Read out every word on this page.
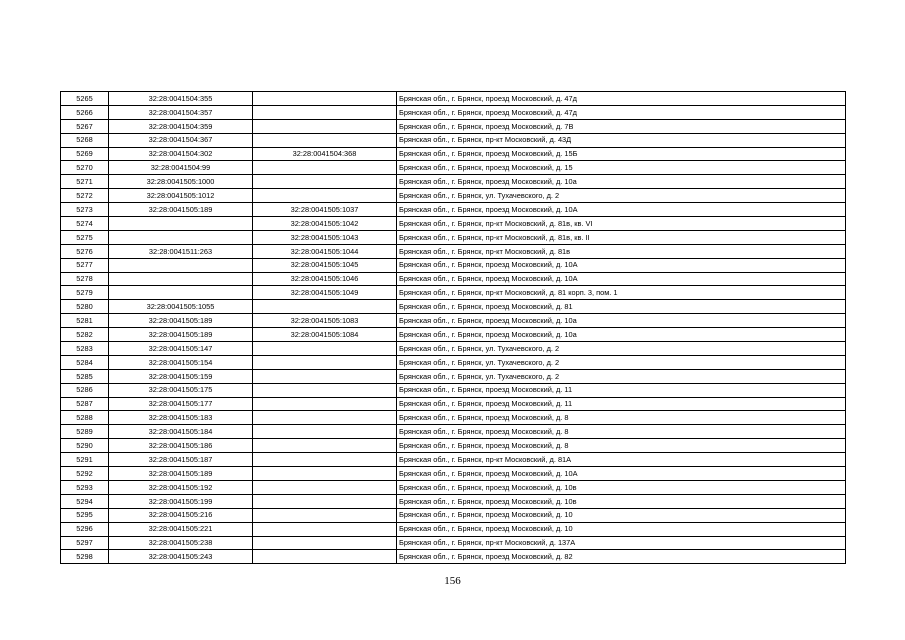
5265	32:28:0041504:355		Брянская обл., г. Брянск, проезд Московский, д. 47д
5266	32:28:0041504:357		Брянская обл., г. Брянск, проезд Московский, д. 47д
5267	32:28:0041504:359		Брянская обл., г. Брянск, проезд Московский, д. 7В
5268	32:28:0041504:367		Брянская обл., г. Брянск, пр-кт Московский, д. 43Д
5269	32:28:0041504:302	32:28:0041504:368	Брянская обл., г. Брянск, проезд Московский, д. 15Б
5270	32:28:0041504:99		Брянская обл., г. Брянск, проезд Московский, д. 15
5271	32:28:0041505:1000		Брянская обл., г. Брянск, проезд Московский, д. 10а
5272	32:28:0041505:1012		Брянская обл., г. Брянск, ул. Тухачевского, д. 2
5273	32:28:0041505:189	32:28:0041505:1037	Брянская обл., г. Брянск, проезд Московский, д. 10А
5274		32:28:0041505:1042	Брянская обл., г. Брянск, пр-кт Московский, д. 81в, кв. VI
5275		32:28:0041505:1043	Брянская обл., г. Брянск, пр-кт Московский, д. 81в, кв. II
5276	32:28:0041511:263	32:28:0041505:1044	Брянская обл., г. Брянск, пр-кт Московский, д. 81в
5277		32:28:0041505:1045	Брянская обл., г. Брянск, проезд Московский, д. 10А
5278		32:28:0041505:1046	Брянская обл., г. Брянск, проезд Московский, д. 10А
5279		32:28:0041505:1049	Брянская обл., г. Брянск, пр-кт Московский, д. 81 корп. 3, пом. 1
5280	32:28:0041505:1055		Брянская обл., г. Брянск, проезд Московский, д. 81
5281	32:28:0041505:189	32:28:0041505:1083	Брянская обл., г. Брянск, проезд Московский, д. 10а
5282	32:28:0041505:189	32:28:0041505:1084	Брянская обл., г. Брянск, проезд Московский, д. 10а
5283	32:28:0041505:147		Брянская обл., г. Брянск, ул. Тухачевского, д. 2
5284	32:28:0041505:154		Брянская обл., г. Брянск, ул. Тухачевского, д. 2
5285	32:28:0041505:159		Брянская обл., г. Брянск, ул. Тухачевского, д. 2
5286	32:28:0041505:175		Брянская обл., г. Брянск, проезд Московский, д. 11
5287	32:28:0041505:177		Брянская обл., г. Брянск, проезд Московский, д. 11
5288	32:28:0041505:183		Брянская обл., г. Брянск, проезд Московский, д. 8
5289	32:28:0041505:184		Брянская обл., г. Брянск, проезд Московский, д. 8
5290	32:28:0041505:186		Брянская обл., г. Брянск, проезд Московский, д. 8
5291	32:28:0041505:187		Брянская обл., г. Брянск, пр-кт Московский, д. 81А
5292	32:28:0041505:189		Брянская обл., г. Брянск, проезд Московский, д. 10А
5293	32:28:0041505:192		Брянская обл., г. Брянск, проезд Московский, д. 10в
5294	32:28:0041505:199		Брянская обл., г. Брянск, проезд Московский, д. 10в
5295	32:28:0041505:216		Брянская обл., г. Брянск, проезд Московский, д. 10
5296	32:28:0041505:221		Брянская обл., г. Брянск, проезд Московский, д. 10
5297	32:28:0041505:238		Брянская обл., г. Брянск, пр-кт Московский, д. 137А
5298	32:28:0041505:243		Брянская обл., г. Брянск, проезд Московский, д. 82
156
